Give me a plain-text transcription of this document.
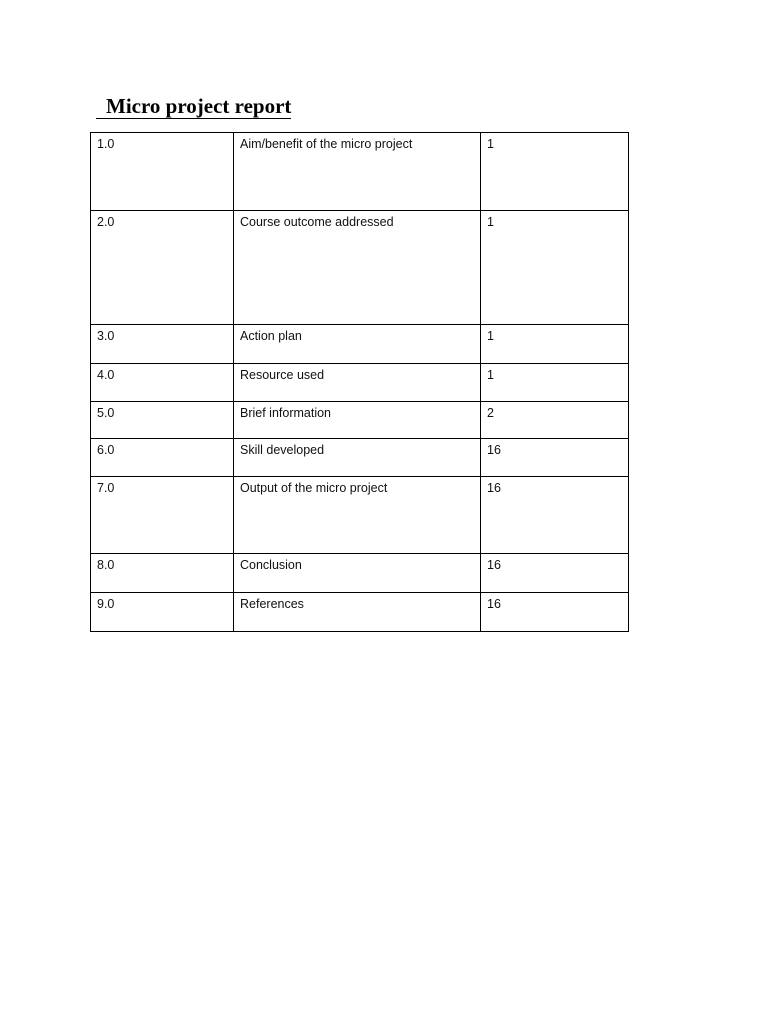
Micro project report
1.0	Aim/benefit of the micro project	1
2.0	Course outcome addressed	1
3.0	Action plan	1
4.0	Resource used	1
5.0	Brief information	2
6.0	Skill developed	16
7.0	Output of the micro project	16
8.0	Conclusion	16
9.0	References	16
